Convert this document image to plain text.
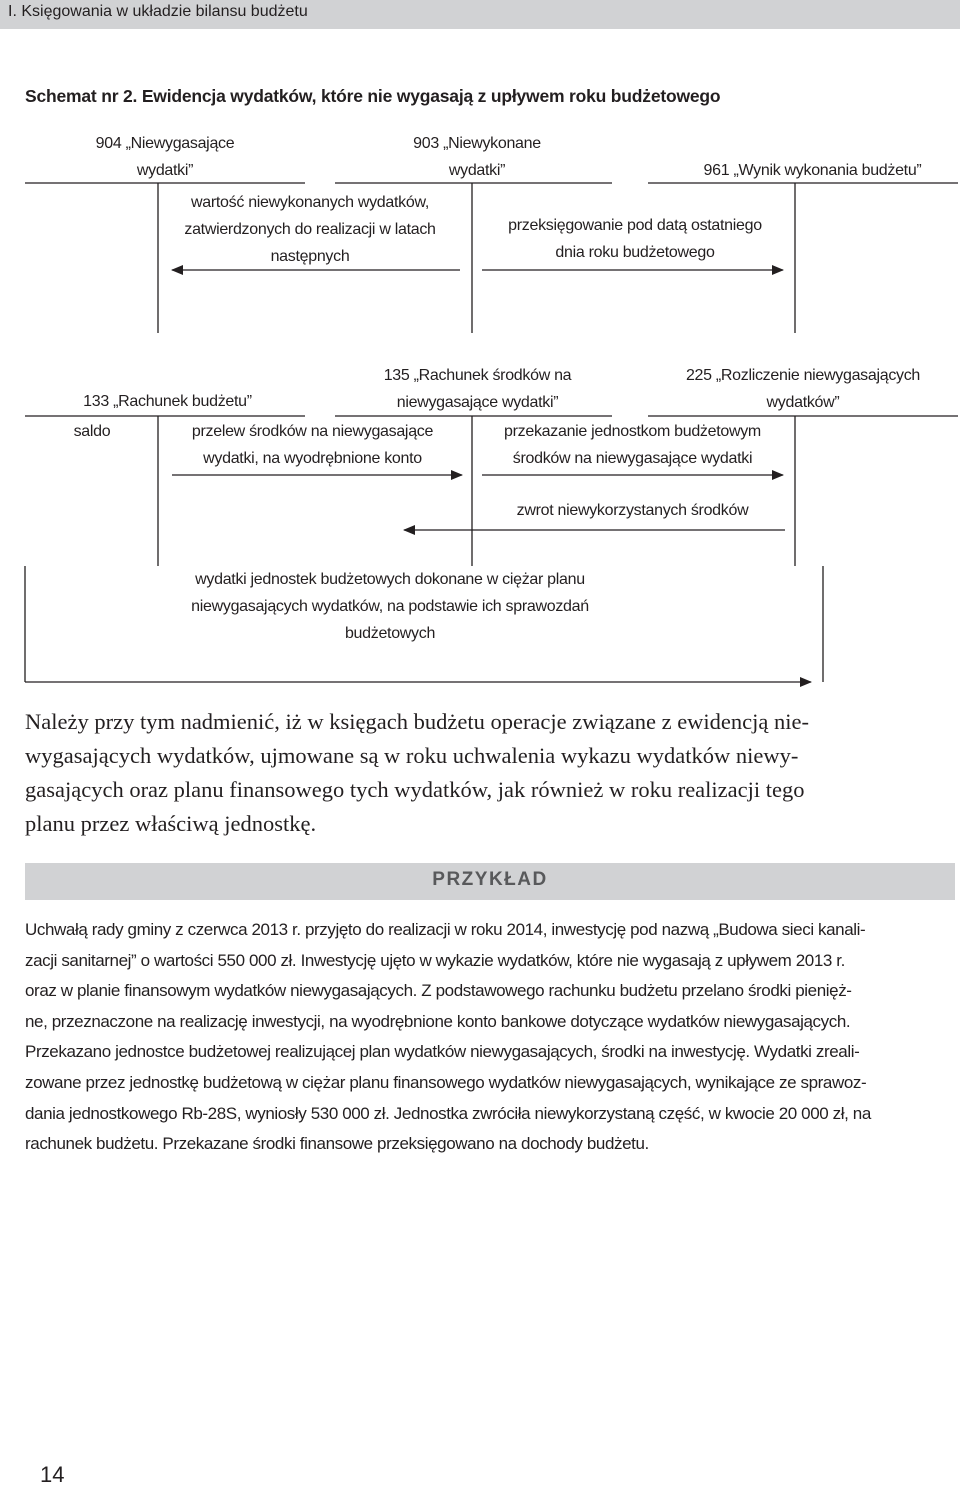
I. Księgowania w układzie bilansu budżetu
Schemat nr 2. Ewidencja wydatków, które nie wygasają z upływem roku budżetowego
904 „Niewygasające
wydatki”
903 „Niewykonane
wydatki”	961 „Wynik wykonania budżetu”
wartość niewykonanych wydatków,
zatwierdzonych do realizacji w latach
następnych
przeksięgowanie pod datą ostatniego
dnia roku budżetowego
133 „Rachunek budżetu”
135 „Rachunek środków na
niewygasające wydatki”
225 „Rozliczenie niewygasających
wydatków”
saldo	przelew środków na niewygasające
wydatki, na wyodrębnione konto
przekazanie jednostkom budżetowym
środków na niewygasające wydatki
zwrot niewykorzystanych środków
wydatki jednostek budżetowych dokonane w ciężar planu
niewygasających wydatków, na podstawie ich sprawozdań
budżetowych
Należy przy tym nadmienić, iż w księgach budżetu operacje związane z ewidencją nie-
wygasających wydatków, ujmowane są w roku uchwalenia wykazu wydatków niewy-
gasających oraz planu finansowego tych wydatków, jak również w roku realizacji tego
planu przez właściwą jednostkę.
PRZYKŁAD
Uchwałą rady gminy z czerwca 2013 r. przyjęto do realizacji w roku 2014, inwestycję pod nazwą „Budowa sieci kanali-
zacji sanitarnej” o wartości 550 000 zł. Inwestycję ujęto w wykazie wydatków, które nie wygasają z upływem 2013 r.
oraz w planie finansowym wydatków niewygasających. Z podstawowego rachunku budżetu przelano środki pienięż-
ne, przeznaczone na realizację inwestycji, na wyodrębnione konto bankowe dotyczące wydatków niewygasających.
Przekazano jednostce budżetowej realizującej plan wydatków niewygasających, środki na inwestycję. Wydatki zreali-
zowane przez jednostkę budżetową w ciężar planu finansowego wydatków niewygasających, wynikające ze sprawoz-
dania jednostkowego Rb-28S, wyniosły 530 000 zł. Jednostka zwróciła niewykorzystaną część, w kwocie 20 000 zł, na
rachunek budżetu. Przekazane środki finansowe przeksięgowano na dochody budżetu.
14
